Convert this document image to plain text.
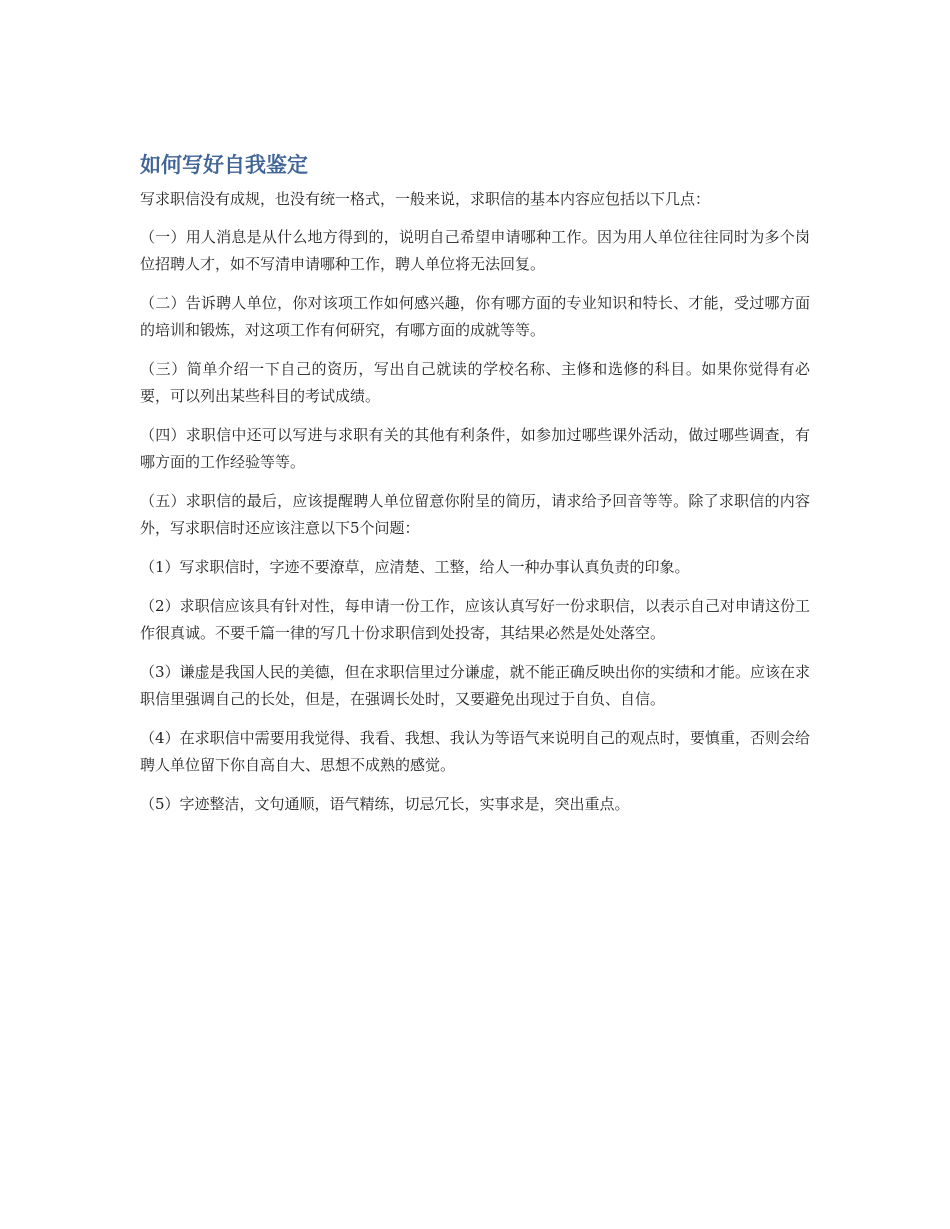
如何写好自我鉴定

写求职信没有成规，也没有统一格式，一般来说，求职信的基本内容应包括以下几点：

（一）用人消息是从什么地方得到的，说明自己希望申请哪种工作。因为用人单位往往同时为多个岗位招聘人才，如不写清申请哪种工作，聘人单位将无法回复。

（二）告诉聘人单位，你对该项工作如何感兴趣，你有哪方面的专业知识和特长、才能，受过哪方面的培训和锻炼，对这项工作有何研究，有哪方面的成就等等。

（三）简单介绍一下自己的资历，写出自己就读的学校名称、主修和选修的科目。如果你觉得有必要，可以列出某些科目的考试成绩。

（四）求职信中还可以写进与求职有关的其他有利条件，如参加过哪些课外活动，做过哪些调查，有哪方面的工作经验等等。

（五）求职信的最后，应该提醒聘人单位留意你附呈的简历，请求给予回音等等。除了求职信的内容外，写求职信时还应该注意以下5个问题：

（1）写求职信时，字迹不要潦草，应清楚、工整，给人一种办事认真负责的印象。

（2）求职信应该具有针对性，每申请一份工作，应该认真写好一份求职信，以表示自己对申请这份工作很真诚。不要千篇一律的写几十份求职信到处投寄，其结果必然是处处落空。

（3）谦虚是我国人民的美德，但在求职信里过分谦虚，就不能正确反映出你的实绩和才能。应该在求职信里强调自己的长处，但是，在强调长处时，又要避免出现过于自负、自信。

（4）在求职信中需要用我觉得、我看、我想、我认为等语气来说明自己的观点时，要慎重，否则会给聘人单位留下你自高自大、思想不成熟的感觉。

（5）字迹整洁，文句通顺，语气精练，切忌冗长，实事求是，突出重点。
